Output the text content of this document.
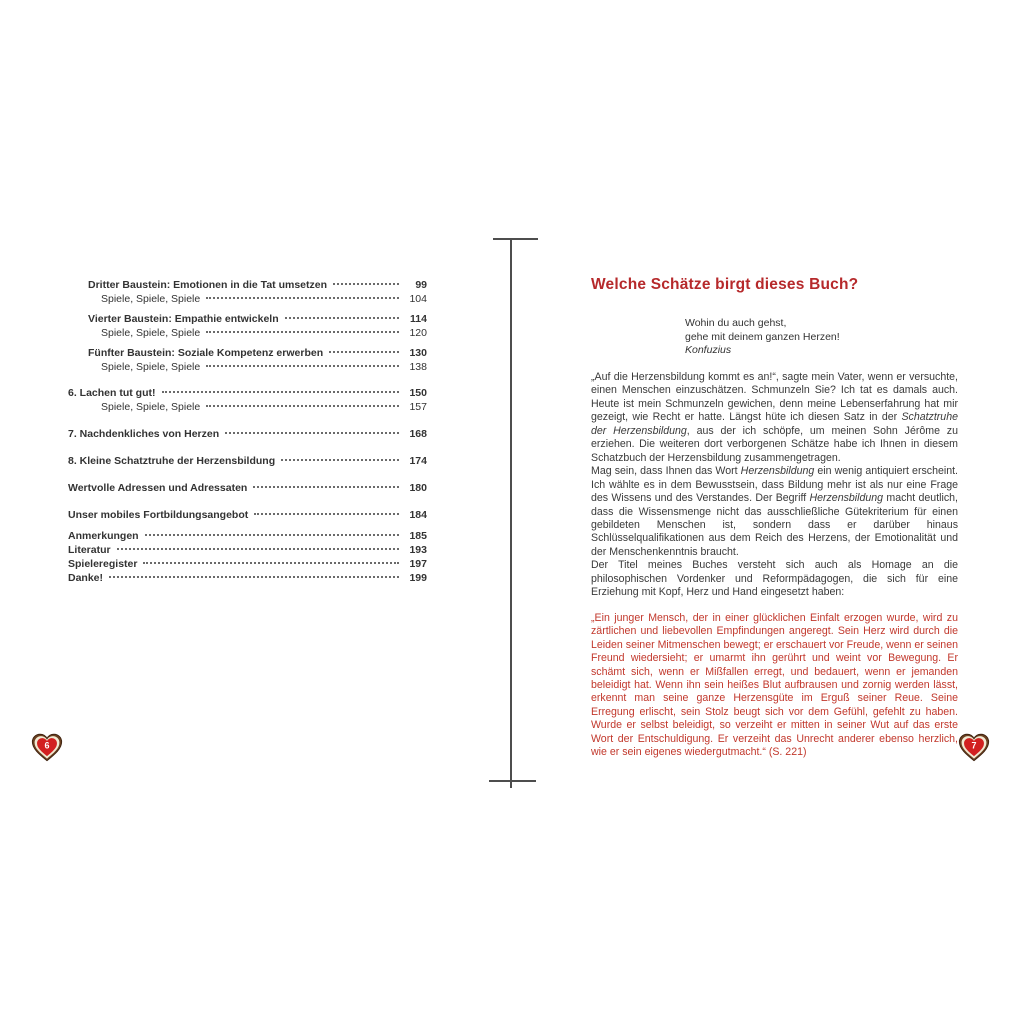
Dritter Baustein: Emotionen in die Tat umsetzen	99
Spiele, Spiele, Spiele	104
Vierter Baustein: Empathie entwickeln	114
Spiele, Spiele, Spiele	120
Fünfter Baustein: Soziale Kompetenz erwerben	130
Spiele, Spiele, Spiele	138
6. Lachen tut gut!	150
Spiele, Spiele, Spiele	157
7. Nachdenkliches von Herzen	168
8. Kleine Schatztruhe der Herzensbildung	174
Wertvolle Adressen und Adressaten	180
Unser mobiles Fortbildungsangebot	184
Anmerkungen	185
Literatur	193
Spieleregister	197
Danke!	199
Welche Schätze birgt dieses Buch?
Wohin du auch gehst,
gehe mit deinem ganzen Herzen!
Konfuzius

„Auf die Herzensbildung kommt es an!“, sagte mein Vater, wenn er versuchte, einen Menschen einzuschätzen. Schmunzeln Sie? Ich tat es damals auch. Heute ist mein Schmunzeln gewichen, denn meine Lebenserfahrung hat mir gezeigt, wie Recht er hatte. Längst hüte ich diesen Satz in der Schatztruhe der Herzensbildung, aus der ich schöpfe, um meinen Sohn Jérôme zu erziehen. Die weiteren dort verborgenen Schätze habe ich Ihnen in diesem Schatzbuch der Herzensbildung zusammengetragen.

Mag sein, dass Ihnen das Wort Herzensbildung ein wenig antiquiert erscheint. Ich wählte es in dem Bewusstsein, dass Bildung mehr ist als nur eine Frage des Wissens und des Verstandes. Der Begriff Herzensbildung macht deutlich, dass die Wissensmenge nicht das ausschließliche Gütekriterium für einen gebildeten Menschen ist, sondern dass er darüber hinaus Schlüsselqualifikationen aus dem Reich des Herzens, der Emotionalität und der Menschenkenntnis braucht.

Der Titel meines Buches versteht sich auch als Homage an die philosophischen Vordenker und Reformpädagogen, die sich für eine Erziehung mit Kopf, Herz und Hand eingesetzt haben:

„Ein junger Mensch, der in einer glücklichen Einfalt erzogen wurde, wird zu zärtlichen und liebevollen Empfindungen angeregt. Sein Herz wird durch die Leiden seiner Mitmenschen bewegt; er erschauert vor Freude, wenn er seinen Freund wiedersieht; er umarmt ihn gerührt und weint vor Bewegung. Er schämt sich, wenn er Mißfallen erregt, und bedauert, wenn er jemanden beleidigt hat. Wenn ihn sein heißes Blut aufbrausen und zornig werden lässt, erkennt man seine ganze Herzensgüte im Erguß seiner Reue. Seine Erregung erlischt, sein Stolz beugt sich vor dem Gefühl, gefehlt zu haben. Wurde er selbst beleidigt, so verzeiht er mitten in seiner Wut auf das erste Wort der Entschuldigung. Er verzeiht das Unrecht anderer ebenso herzlich, wie er sein eigenes wiedergutmacht.“ (S. 221)

6	7
